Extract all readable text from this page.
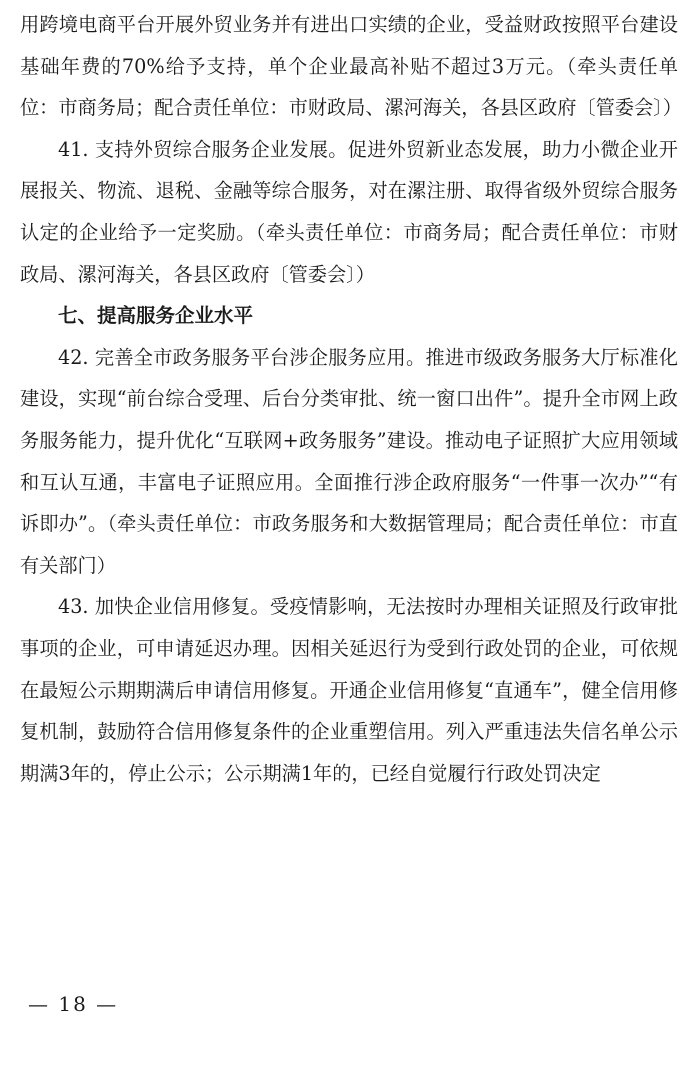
用跨境电商平台开展外贸业务并有进出口实绩的企业，受益财政按照平台建设基础年费的70%给予支持，单个企业最高补贴不超过3万元。（牵头责任单位：市商务局；配合责任单位：市财政局、漯河海关，各县区政府〔管委会〕）

41. 支持外贸综合服务企业发展。促进外贸新业态发展，助力小微企业开展报关、物流、退税、金融等综合服务，对在漯注册、取得省级外贸综合服务认定的企业给予一定奖励。（牵头责任单位：市商务局；配合责任单位：市财政局、漯河海关，各县区政府〔管委会〕）

七、提高服务企业水平

42. 完善全市政务服务平台涉企服务应用。推进市级政务服务大厅标准化建设，实现“前台综合受理、后台分类审批、统一窗口出件”。提升全市网上政务服务能力，提升优化“互联网+政务服务”建设。推动电子证照扩大应用领域和互认互通，丰富电子证照应用。全面推行涉企政府服务“一件事一次办”“有诉即办”。（牵头责任单位：市政务服务和大数据管理局；配合责任单位：市直有关部门）

43. 加快企业信用修复。受疫情影响，无法按时办理相关证照及行政审批事项的企业，可申请延迟办理。因相关延迟行为受到行政处罚的企业，可依规在最短公示期期满后申请信用修复。开通企业信用修复“直通车”，健全信用修复机制，鼓励符合信用修复条件的企业重塑信用。列入严重违法失信名单公示期满3年的，停止公示；公示期满1年的，已经自觉履行行政处罚决定

— 18 —
